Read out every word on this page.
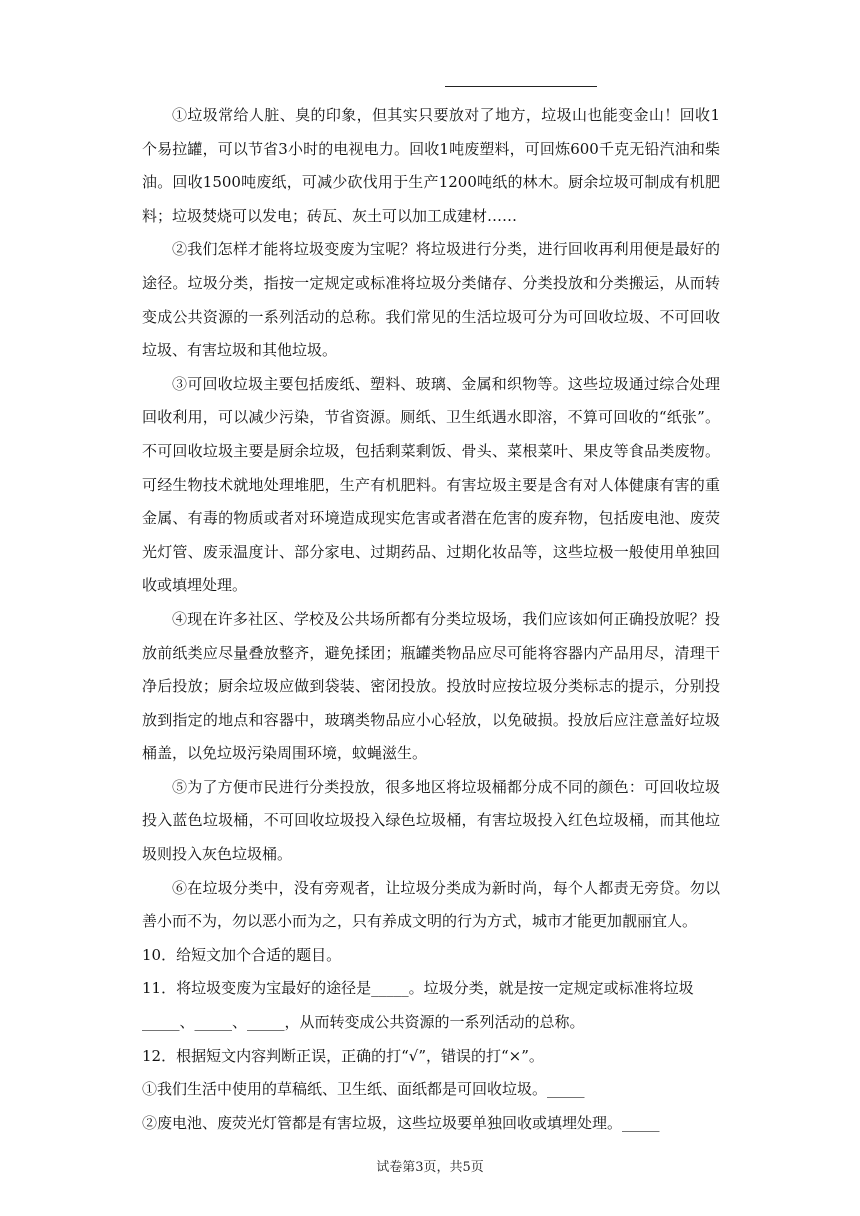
①垃圾常给人脏、臭的印象，但其实只要放对了地方，垃圾山也能变金山！回收1个易拉罐，可以节省3小时的电视电力。回收1吨废塑料，可回炼600千克无铅汽油和柴油。回收1500吨废纸，可减少砍伐用于生产1200吨纸的林木。厨余垃圾可制成有机肥料；垃圾焚烧可以发电；砖瓦、灰土可以加工成建材……

②我们怎样才能将垃圾变废为宝呢？将垃圾进行分类，进行回收再利用便是最好的途径。垃圾分类，指按一定规定或标准将垃圾分类储存、分类投放和分类搬运，从而转变成公共资源的一系列活动的总称。我们常见的生活垃圾可分为可回收垃圾、不可回收垃圾、有害垃圾和其他垃圾。

③可回收垃圾主要包括废纸、塑料、玻璃、金属和织物等。这些垃圾通过综合处理回收利用，可以减少污染，节省资源。厕纸、卫生纸遇水即溶，不算可回收的“纸张”。不可回收垃圾主要是厨余垃圾，包括剩菜剩饭、骨头、菜根菜叶、果皮等食品类废物。可经生物技术就地处理堆肥，生产有机肥料。有害垃圾主要是含有对人体健康有害的重金属、有毒的物质或者对环境造成现实危害或者潜在危害的废弃物，包括废电池、废荧光灯管、废汞温度计、部分家电、过期药品、过期化妆品等，这些垃极一般使用单独回收或填埋处理。

④现在许多社区、学校及公共场所都有分类垃圾场，我们应该如何正确投放呢？投放前纸类应尽量叠放整齐，避免揉团；瓶罐类物品应尽可能将容器内产品用尽，清理干净后投放；厨余垃圾应做到袋装、密闭投放。投放时应按垃圾分类标志的提示，分别投放到指定的地点和容器中，玻璃类物品应小心轻放，以免破损。投放后应注意盖好垃圾桶盖，以免垃圾污染周围环境，蚊蝇滋生。

⑤为了方便市民进行分类投放，很多地区将垃圾桶都分成不同的颜色：可回收垃圾投入蓝色垃圾桶，不可回收垃圾投入绿色垃圾桶，有害垃圾投入红色垃圾桶，而其他垃圾则投入灰色垃圾桶。

⑥在垃圾分类中，没有旁观者，让垃圾分类成为新时尚，每个人都责无旁贷。勿以善小而不为，勿以恶小而为之，只有养成文明的行为方式，城市才能更加靓丽宜人。

10．给短文加个合适的题目。

11．将垃圾变废为宝最好的途径是_____。垃圾分类，就是按一定规定或标准将垃圾_____、_____、_____，从而转变成公共资源的一系列活动的总称。

12．根据短文内容判断正误，正确的打“√”，错误的打“×”。

①我们生活中使用的草稿纸、卫生纸、面纸都是可回收垃圾。_____

②废电池、废荧光灯管都是有害垃圾，这些垃圾要单独回收或填埋处理。_____

试卷第3页，共5页
